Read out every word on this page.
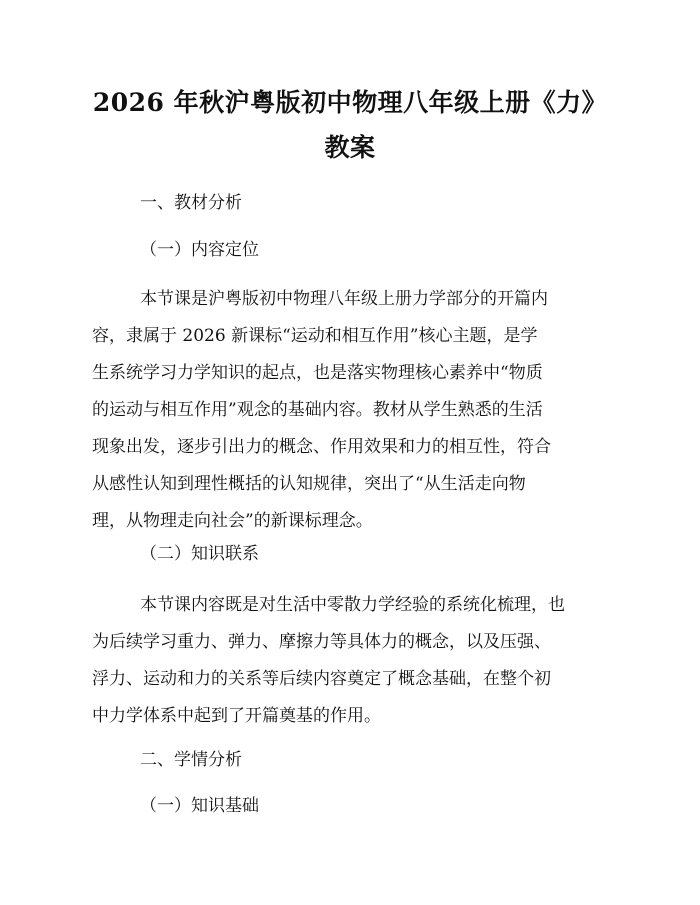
2026 年秋沪粤版初中物理八年级上册《力》
教案

一、教材分析

（一）内容定位

本节课是沪粤版初中物理八年级上册力学部分的开篇内
容，隶属于 2026 新课标“运动和相互作用”核心主题，是学
生系统学习力学知识的起点，也是落实物理核心素养中“物质
的运动与相互作用”观念的基础内容。教材从学生熟悉的生活
现象出发，逐步引出力的概念、作用效果和力的相互性，符合
从感性认知到理性概括的认知规律，突出了“从生活走向物
理，从物理走向社会”的新课标理念。

（二）知识联系

本节课内容既是对生活中零散力学经验的系统化梳理，也
为后续学习重力、弹力、摩擦力等具体力的概念，以及压强、
浮力、运动和力的关系等后续内容奠定了概念基础，在整个初
中力学体系中起到了开篇奠基的作用。

二、学情分析

（一）知识基础
